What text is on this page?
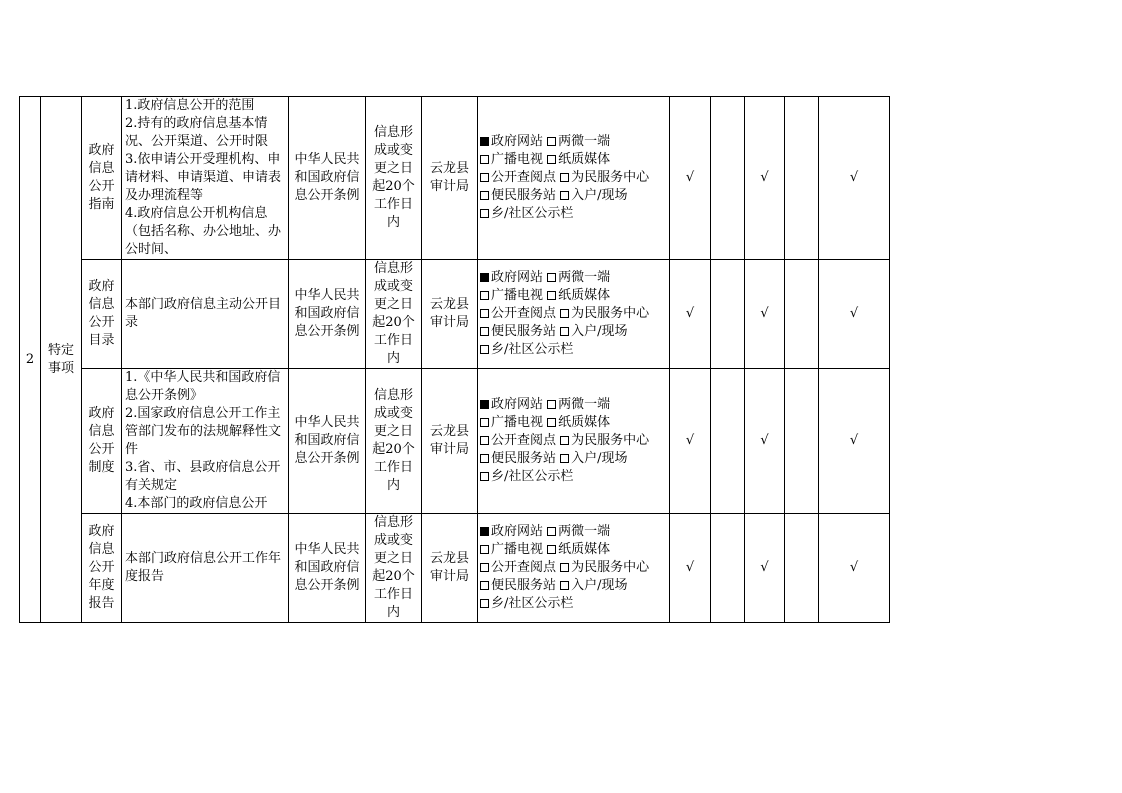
2	特定事项	政府信息公开指南	1.政府信息公开的范围
2.持有的政府信息基本情况、公开渠道、公开时限
3.依申请公开受理机构、申请材料、申请渠道、申请表及办理流程等
4.政府信息公开机构信息（包括名称、办公地址、办公时间、	中华人民共和国政府信息公开条例	信息形成或变更之日起20个工作日内	云龙县审计局	政府网站 两微一端
广播电视 纸质媒体
公开查阅点 为民服务中心
便民服务站 入户/现场
乡/社区公示栏	√		√		√
		政府信息公开目录	本部门政府信息主动公开目录	中华人民共和国政府信息公开条例	信息形成或变更之日起20个工作日内	云龙县审计局	政府网站 两微一端
广播电视 纸质媒体
公开查阅点 为民服务中心
便民服务站 入户/现场
乡/社区公示栏	√		√		√
		政府信息公开制度	1.《中华人民共和国政府信息公开条例》
2.国家政府信息公开工作主管部门发布的法规解释性文件
3.省、市、县政府信息公开有关规定
4.本部门的政府信息公开	中华人民共和国政府信息公开条例	信息形成或变更之日起20个工作日内	云龙县审计局	政府网站 两微一端
广播电视 纸质媒体
公开查阅点 为民服务中心
便民服务站 入户/现场
乡/社区公示栏	√		√		√
		政府信息公开年度报告	本部门政府信息公开工作年度报告	中华人民共和国政府信息公开条例	信息形成或变更之日起20个工作日内	云龙县审计局	政府网站 两微一端
广播电视 纸质媒体
公开查阅点 为民服务中心
便民服务站 入户/现场
乡/社区公示栏	√		√		√
